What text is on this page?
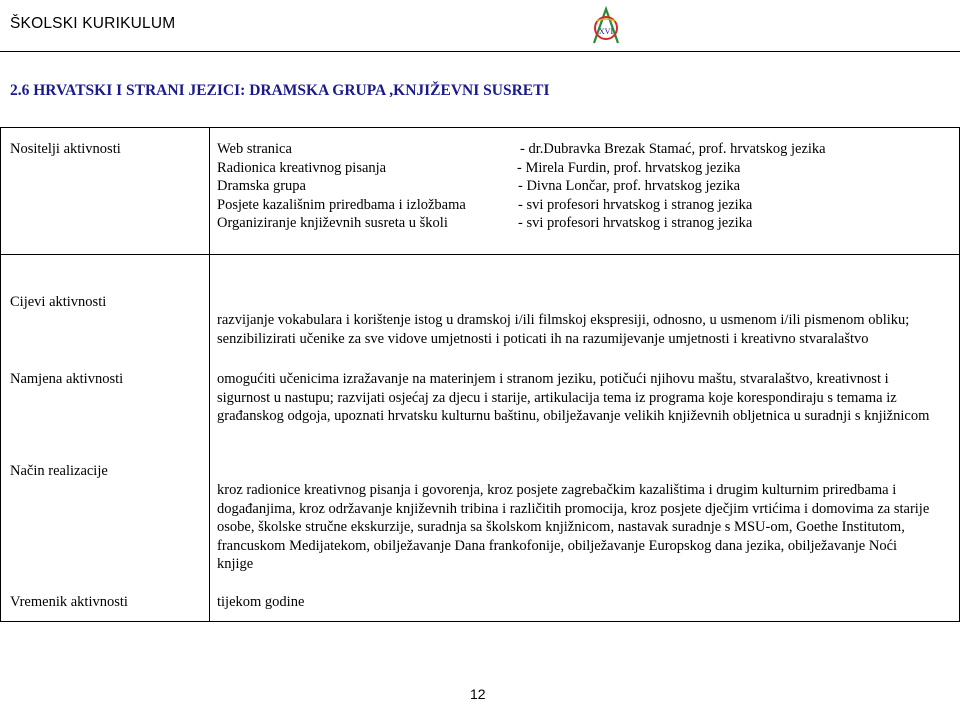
ŠKOLSKI KURIKULUM	XVI
2.6 HRVATSKI I STRANI JEZICI: DRAMSKA GRUPA ,KNJIŽEVNI SUSRETI
Nositelji aktivnosti	Web stranica
Radionica kreativnog pisanja
Dramska grupa
Posjete kazališnim priredbama i izložbama
Organiziranje književnih susreta u školi
- dr.Dubravka Brezak Stamać, prof. hrvatskog jezika
- Mirela Furdin, prof. hrvatskog jezika
- Divna Lončar, prof. hrvatskog jezika
- svi profesori hrvatskog i stranog jezika
- svi profesori hrvatskog i stranog jezika
Cijevi aktivnosti
Namjena aktivnosti
Način realizacije
Vremenik aktivnosti
razvijanje vokabulara i korištenje istog u dramskoj i/ili filmskoj ekspresiji, odnosno, u usmenom i/ili pismenom obliku; senzibilizirati učenike za sve vidove umjetnosti i poticati ih na razumijevanje umjetnosti i kreativno stvaralaštvo
omogućiti učenicima izražavanje na materinjem i stranom jeziku, potičući njihovu maštu, stvaralaštvo, kreativnost i sigurnost u nastupu; razvijati osjećaj za djecu i starije, artikulacija tema iz programa koje korespondiraju s temama iz građanskog odgoja, upoznati hrvatsku kulturnu baštinu, obilježavanje velikih književnih obljetnica u suradnji s knjižnicom
kroz radionice kreativnog pisanja i govorenja, kroz posjete zagrebačkim kazalištima i drugim kulturnim priredbama i događanjima, kroz održavanje književnih tribina i različitih promocija, kroz posjete dječjim vrtićima i domovima za starije osobe, školske stručne ekskurzije, suradnja sa školskom knjižnicom, nastavak suradnje s MSU-om, Goethe Institutom, francuskom Medijatekom, obilježavanje Dana frankofonije, obilježavanje Europskog dana jezika, obilježavanje Noći knjige
tijekom godine
12
